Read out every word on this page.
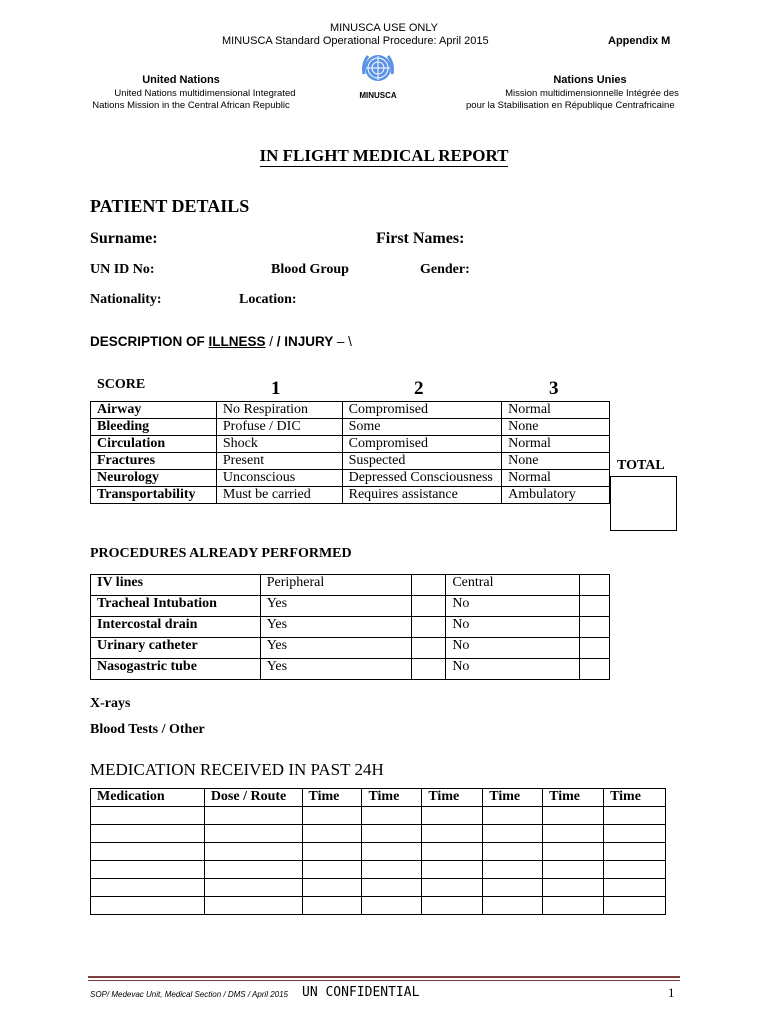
MINUSCA USE ONLY
MINUSCA Standard Operational Procedure: April 2015	Appendix M
United Nations
United Nations multidimensional Integrated
Nations Mission in the Central African Republic
MINUSCA
Nations Unies
Mission multidimensionnelle Intégrée des
pour la Stabilisation en République Centrafricaine
IN FLIGHT MEDICAL REPORT
PATIENT DETAILS
Surname:	First Names:
UN ID No:	Blood Group	Gender:
Nationality:	Location:
DESCRIPTION OF ILLNESS / / INJURY – \
SCORE	1	2	3
TOTAL
Airway	No Respiration	Compromised	Normal
Bleeding	Profuse / DIC	Some	None
Circulation	Shock	Compromised	Normal
Fractures	Present	Suspected	None
Neurology	Unconscious	Depressed Consciousness	Normal
Transportability	Must be carried	Requires assistance	Ambulatory
PROCEDURES ALREADY PERFORMED
IV lines	Peripheral		Central	
Tracheal Intubation	Yes		No	
Intercostal drain	Yes		No	
Urinary catheter	Yes		No	
Nasogastric tube	Yes		No	
X-rays
Blood Tests / Other
MEDICATION RECEIVED IN PAST 24H
Medication	Dose / Route	Time	Time	Time	Time	Time	Time

SOP/ Medevac Unit, Medical Section / DMS / April 2015 UN CONFIDENTIAL	1
